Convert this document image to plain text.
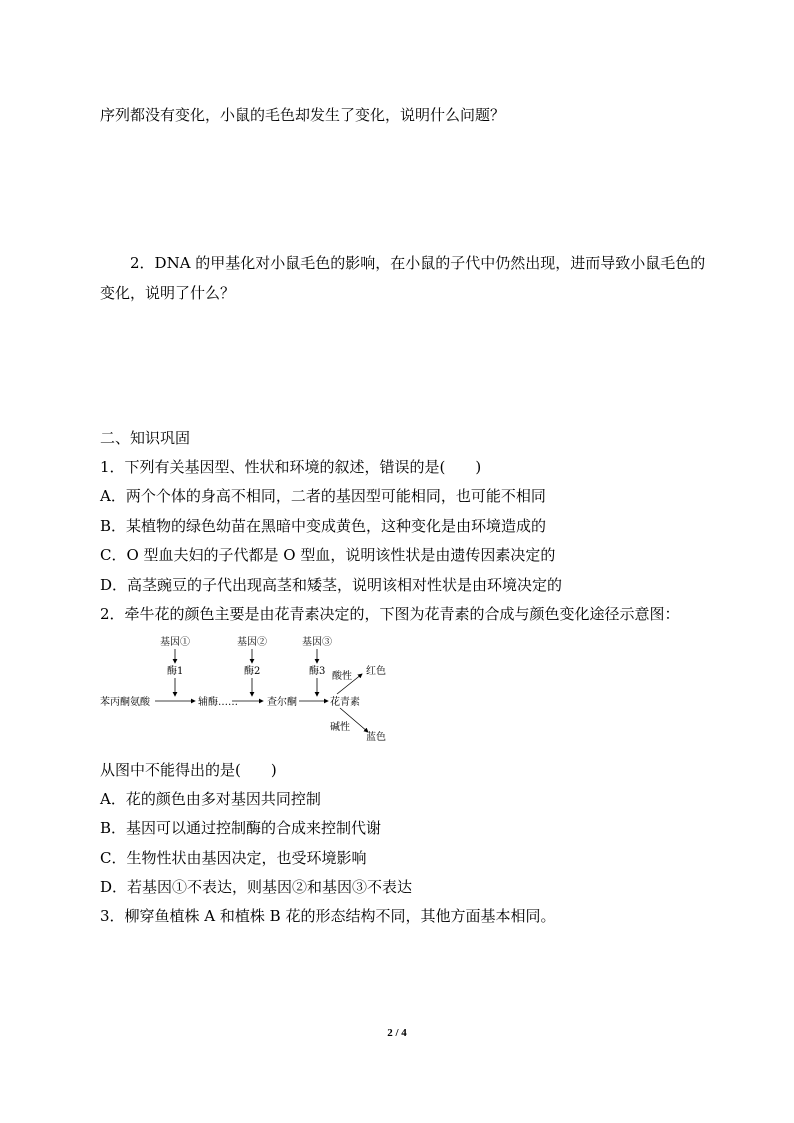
序列都没有变化，小鼠的毛色却发生了变化，说明什么问题？
2．DNA 的甲基化对小鼠毛色的影响，在小鼠的子代中仍然出现，进而导致小鼠毛色的
变化，说明了什么？
二、知识巩固
1．下列有关基因型、性状和环境的叙述，错误的是(　　)
A．两个个体的身高不相同，二者的基因型可能相同，也可能不相同
B．某植物的绿色幼苗在黑暗中变成黄色，这种变化是由环境造成的
C．O 型血夫妇的子代都是 O 型血，说明该性状是由遗传因素决定的
D．高茎豌豆的子代出现高茎和矮茎，说明该相对性状是由环境决定的
2．牵牛花的颜色主要是由花青素决定的，下图为花青素的合成与颜色变化途径示意图：
基因①	基因②	基因③
酶1	酶2	酶3
苯丙酮氨酸	辅酶……	查尔酮	花青素
酸性 红色
碱性
蓝色
从图中不能得出的是(　　)
A．花的颜色由多对基因共同控制
B．基因可以通过控制酶的合成来控制代谢
C．生物性状由基因决定，也受环境影响
D．若基因①不表达，则基因②和基因③不表达
3．柳穿鱼植株 A 和植株 B 花的形态结构不同，其他方面基本相同。
2 / 4
